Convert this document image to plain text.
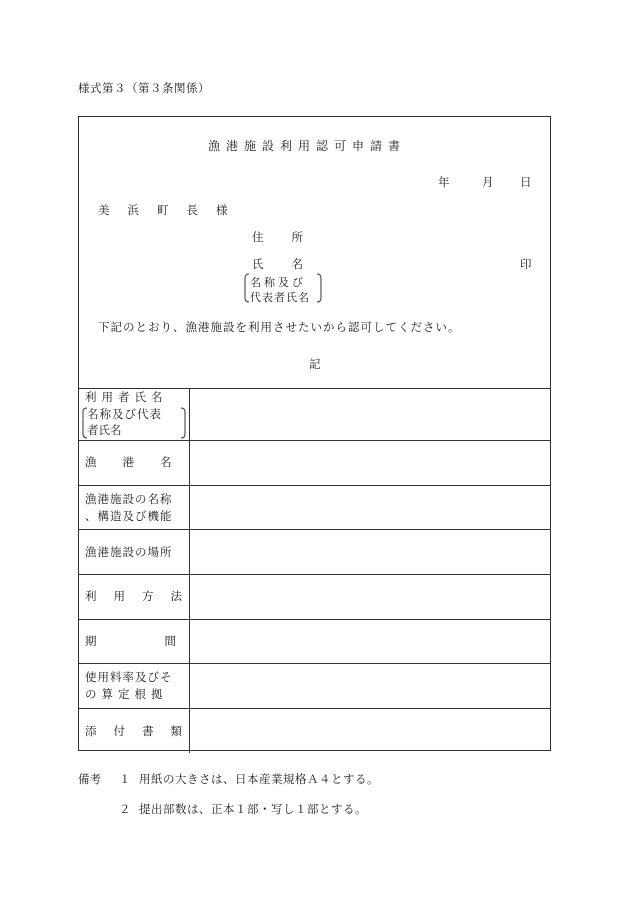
様式第３（第３条関係）
漁港施設利用認可申請書
年	月 日
美浜町長様
住所
氏名	印
名称及び
代表者氏名
下記のとおり、漁港施設を利用させたいから認可してください。
記
利用者氏名
名称及び代表
者氏名	

漁港名	

漁港施設の名称
、構造及び機能	

漁港施設の場所	

利用方法	

期間	

使用料率及びそ
の算定根拠	

添付書類	

備考 １ 用紙の大きさは、日本産業規格Ａ４とする。
２ 提出部数は、正本１部・写し１部とする。
